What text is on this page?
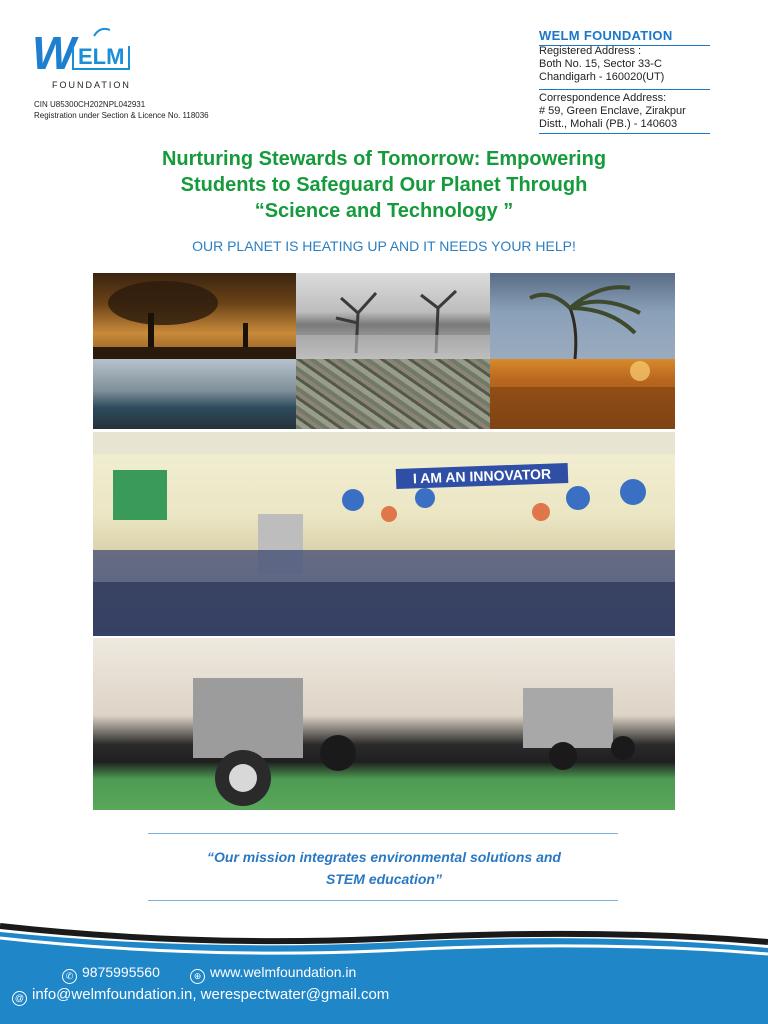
W ELM
FOUNDATION
CIN U85300CH202NPL042931
Registration under Section & Licence No. 118036
WELM FOUNDATION
Registered Address :
Both No. 15, Sector 33-C
Chandigarh - 160020(UT)
Correspondence Address:
# 59, Green Enclave, Zirakpur
Distt., Mohali (PB.) - 140603
Nurturing Stewards of Tomorrow: Empowering
Students to Safeguard Our Planet Through
“Science and Technology ”
OUR PLANET IS HEATING UP AND IT NEEDS YOUR HELP!
I AM AN INNOVATOR
“Our mission integrates environmental solutions and
STEM education”
✆ 9875995560	⊕ www.welmfoundation.in
@ info@welmfoundation.in, werespectwater@gmail.com
